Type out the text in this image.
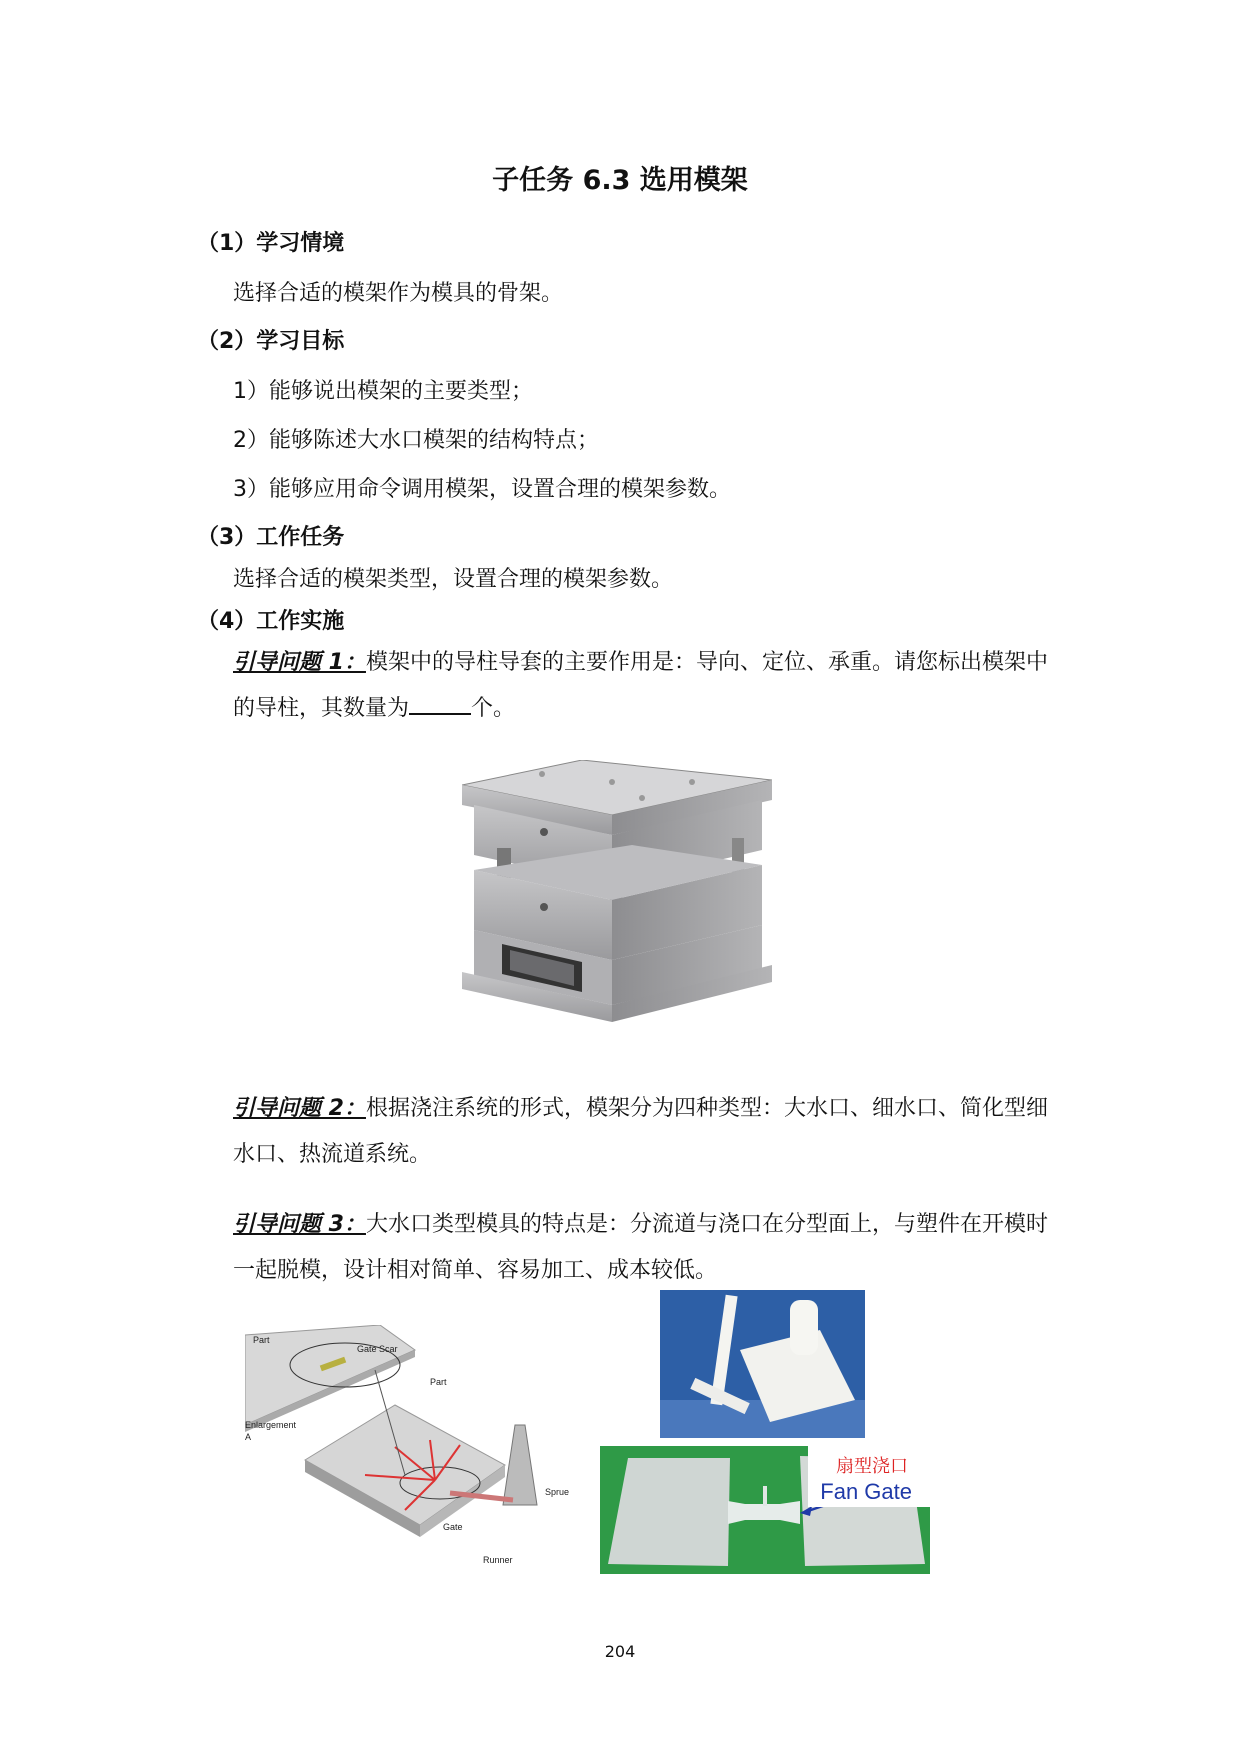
子任务 6.3 选用模架
（1）学习情境
选择合适的模架作为模具的骨架。
（2）学习目标
1）能够说出模架的主要类型；
2）能够陈述大水口模架的结构特点；
3）能够应用命令调用模架，设置合理的模架参数。
（3）工作任务
选择合适的模架类型，设置合理的模架参数。
（4）工作实施
引导问题 1：模架中的导柱导套的主要作用是：导向、定位、承重。请您标出模架中的导柱，其数量为	个。
引导问题 2：根据浇注系统的形式，模架分为四种类型：大水口、细水口、简化型细水口、热流道系统。
引导问题 3：大水口类型模具的特点是：分流道与浇口在分型面上，与塑件在开模时一起脱模，设计相对简单、容易加工、成本较低。
Part
Gate Scar
Part
Enlargement
A
Sprue
Gate
Runner
扇型浇口
Fan Gate
204
